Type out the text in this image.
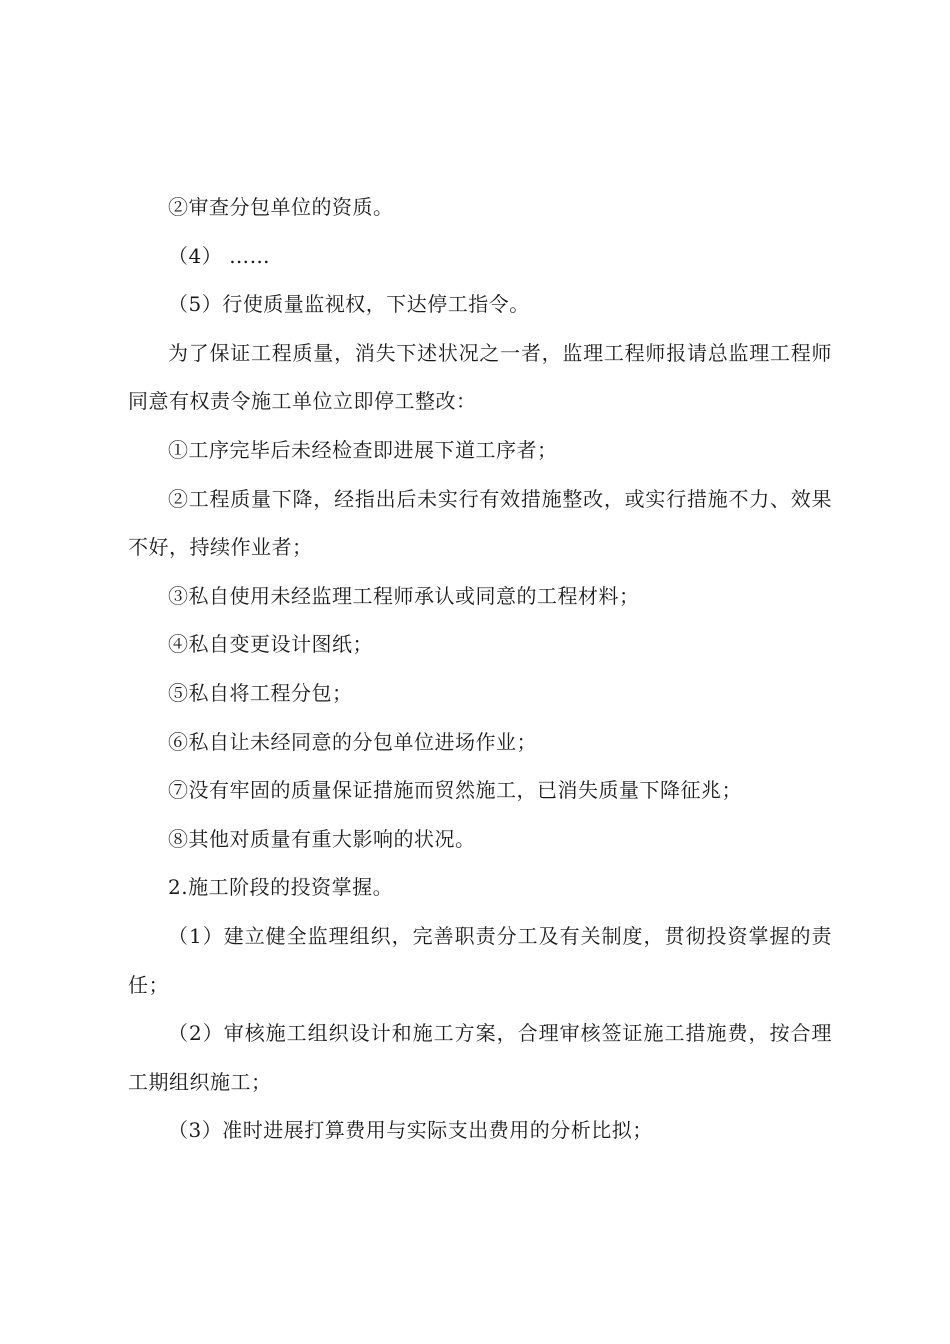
②审查分包单位的资质。

（4） ……

（5）行使质量监视权，下达停工指令。

为了保证工程质量，消失下述状况之一者，监理工程师报请总监理工程师同意有权责令施工单位立即停工整改：

①工序完毕后未经检查即进展下道工序者；

②工程质量下降，经指出后未实行有效措施整改，或实行措施不力、效果不好，持续作业者；

③私自使用未经监理工程师承认或同意的工程材料；

④私自变更设计图纸；

⑤私自将工程分包；

⑥私自让未经同意的分包单位进场作业；

⑦没有牢固的质量保证措施而贸然施工，已消失质量下降征兆；

⑧其他对质量有重大影响的状况。

2.施工阶段的投资掌握。

（1）建立健全监理组织，完善职责分工及有关制度，贯彻投资掌握的责任；

（2）审核施工组织设计和施工方案，合理审核签证施工措施费，按合理工期组织施工；

（3）准时进展打算费用与实际支出费用的分析比拟；
